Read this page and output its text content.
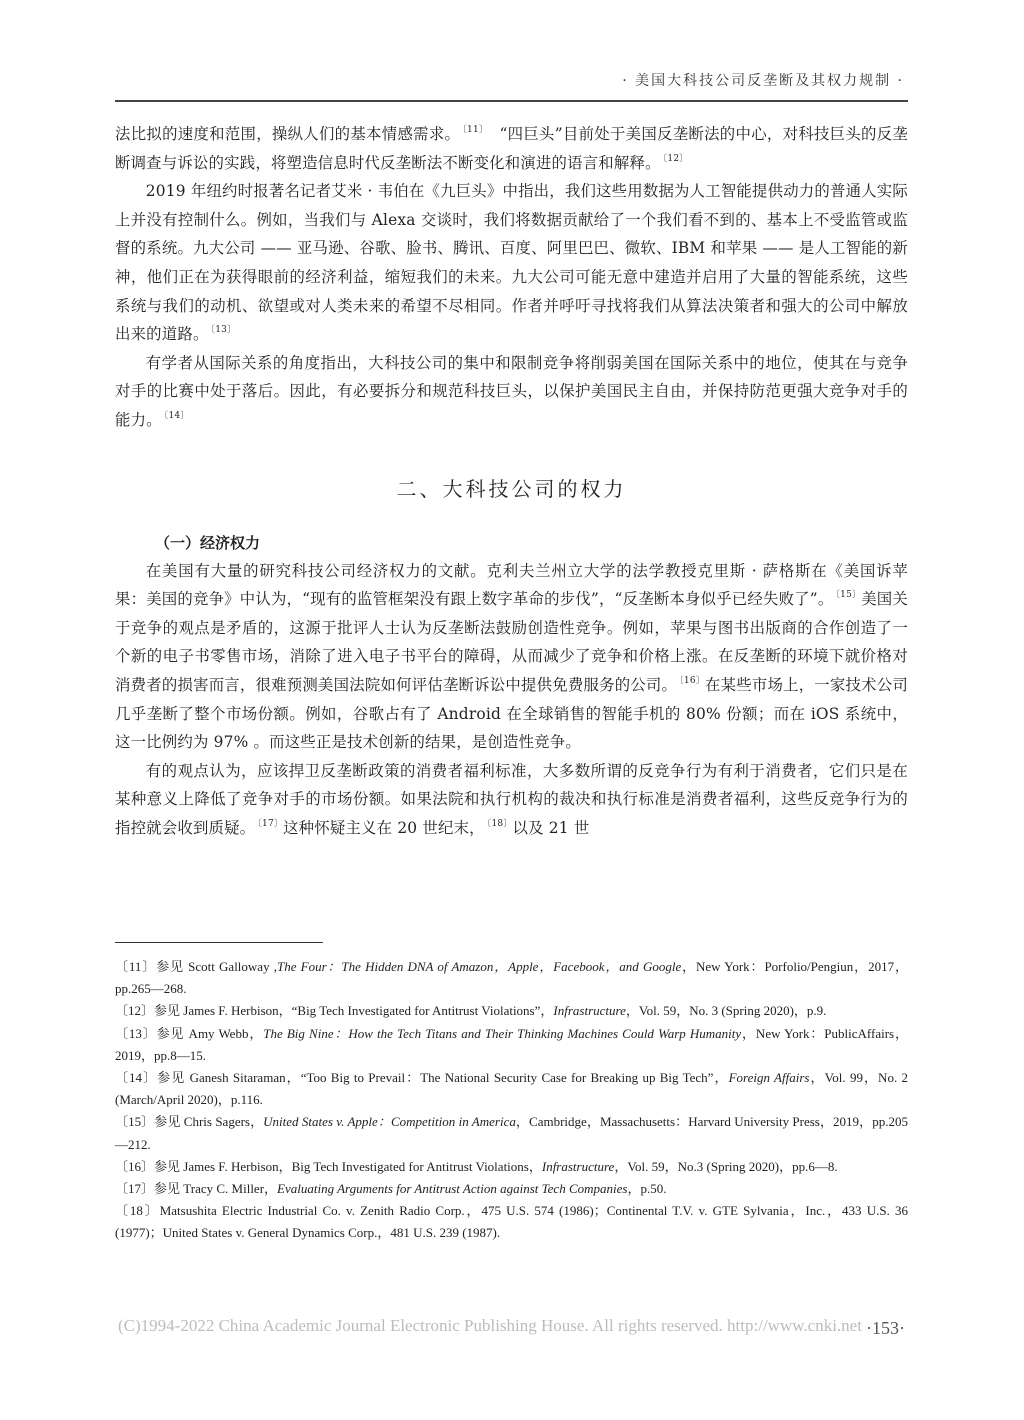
· 美国大科技公司反垄断及其权力规制 ·

法比拟的速度和范围，操纵人们的基本情感需求。 $^{〔11〕}$　 “四巨头”目前处于美国反垄断法的中心，对科技巨头的反垄断调查与诉讼的实践，将塑造信息时代反垄断法不断变化和演进的语言和解释。 $^{〔12〕}$

2019 年纽约时报著名记者艾米 · 韦伯在《九巨头》中指出，我们这些用数据为人工智能提供动力的普通人实际上并没有控制什么。例如，当我们与 Alexa 交谈时，我们将数据贡献给了一个我们看不到的、基本上不受监管或监督的系统。九大公司 —— 亚马逊、谷歌、脸书、腾讯、百度、阿里巴巴、微软、IBM 和苹果 —— 是人工智能的新神，他们正在为获得眼前的经济利益，缩短我们的未来。九大公司可能无意中建造并启用了大量的智能系统，这些系统与我们的动机、欲望或对人类未来的希望不尽相同。作者并呼吁寻找将我们从算法决策者和强大的公司中解放出来的道路。 $^{〔13〕}$

有学者从国际关系的角度指出，大科技公司的集中和限制竞争将削弱美国在国际关系中的地位，使其在与竞争对手的比赛中处于落后。因此，有必要拆分和规范科技巨头，以保护美国民主自由，并保持防范更强大竞争对手的能力。 $^{〔14〕}$

二、大科技公司的权力
（一）经济权力

在美国有大量的研究科技公司经济权力的文献。克利夫兰州立大学的法学教授克里斯 · 萨格斯在《美国诉苹果：美国的竞争》中认为，“现有的监管框架没有跟上数字革命的步伐”，“反垄断本身似乎已经失败了”。 $^{〔15〕}$美国关于竞争的观点是矛盾的，这源于批评人士认为反垄断法鼓励创造性竞争。例如，苹果与图书出版商的合作创造了一个新的电子书零售市场，消除了进入电子书平台的障碍，从而减少了竞争和价格上涨。在反垄断的环境下就价格对消费者的损害而言，很难预测美国法院如何评估垄断诉讼中提供免费服务的公司。 $^{〔16〕}$在某些市场上，一家技术公司几乎垄断了整个市场份额。例如，谷歌占有了 Android 在全球销售的智能手机的 80% 份额；而在 iOS 系统中，这一比例约为 97% 。而这些正是技术创新的结果，是创造性竞争。

有的观点认为，应该捍卫反垄断政策的消费者福利标准，大多数所谓的反竞争行为有利于消费者，它们只是在某种意义上降低了竞争对手的市场份额。如果法院和执行机构的裁决和执行标准是消费者福利，这些反竞争行为的指控就会收到质疑。 $^{〔17〕}$这种怀疑主义在 20 世纪末， $^{〔18〕}$以及 21 世

〔11〕参见 Scott Galloway ,The Four：The Hidden DNA of Amazon，Apple，Facebook，and Google，New York：Porfolio/Pengiun，2017，pp.265—268.

〔12〕参见 James F. Herbison，“Big Tech Investigated for Antitrust Violations”，Infrastructure，Vol. 59，No. 3 (Spring 2020)，p.9.

〔13〕参见 Amy Webb，The Big Nine：How the Tech Titans and Their Thinking Machines Could Warp Humanity，New York：PublicAffairs，2019，pp.8—15.

〔14〕参见 Ganesh Sitaraman，“Too Big to Prevail：The National Security Case for Breaking up Big Tech”，Foreign Affairs，Vol. 99，No. 2 (March/April 2020)，p.116.

〔15〕参见 Chris Sagers，United States v. Apple：Competition in America，Cambridge，Massachusetts：Harvard University Press，2019，pp.205—212.

〔16〕参见 James F. Herbison，Big Tech Investigated for Antitrust Violations，Infrastructure，Vol. 59，No.3 (Spring 2020)，pp.6—8.

〔17〕参见 Tracy C. Miller，Evaluating Arguments for Antitrust Action against Tech Companies，p.50.

〔18〕Matsushita Electric Industrial Co. v. Zenith Radio Corp.，475 U.S. 574 (1986)；Continental T.V. v. GTE Sylvania，Inc.，433 U.S. 36 (1977)；United States v. General Dynamics Corp.，481 U.S. 239 (1987).

(C)1994-2022 China Academic Journal Electronic Publishing House. All rights reserved. http://www.cnki.net ·153·
